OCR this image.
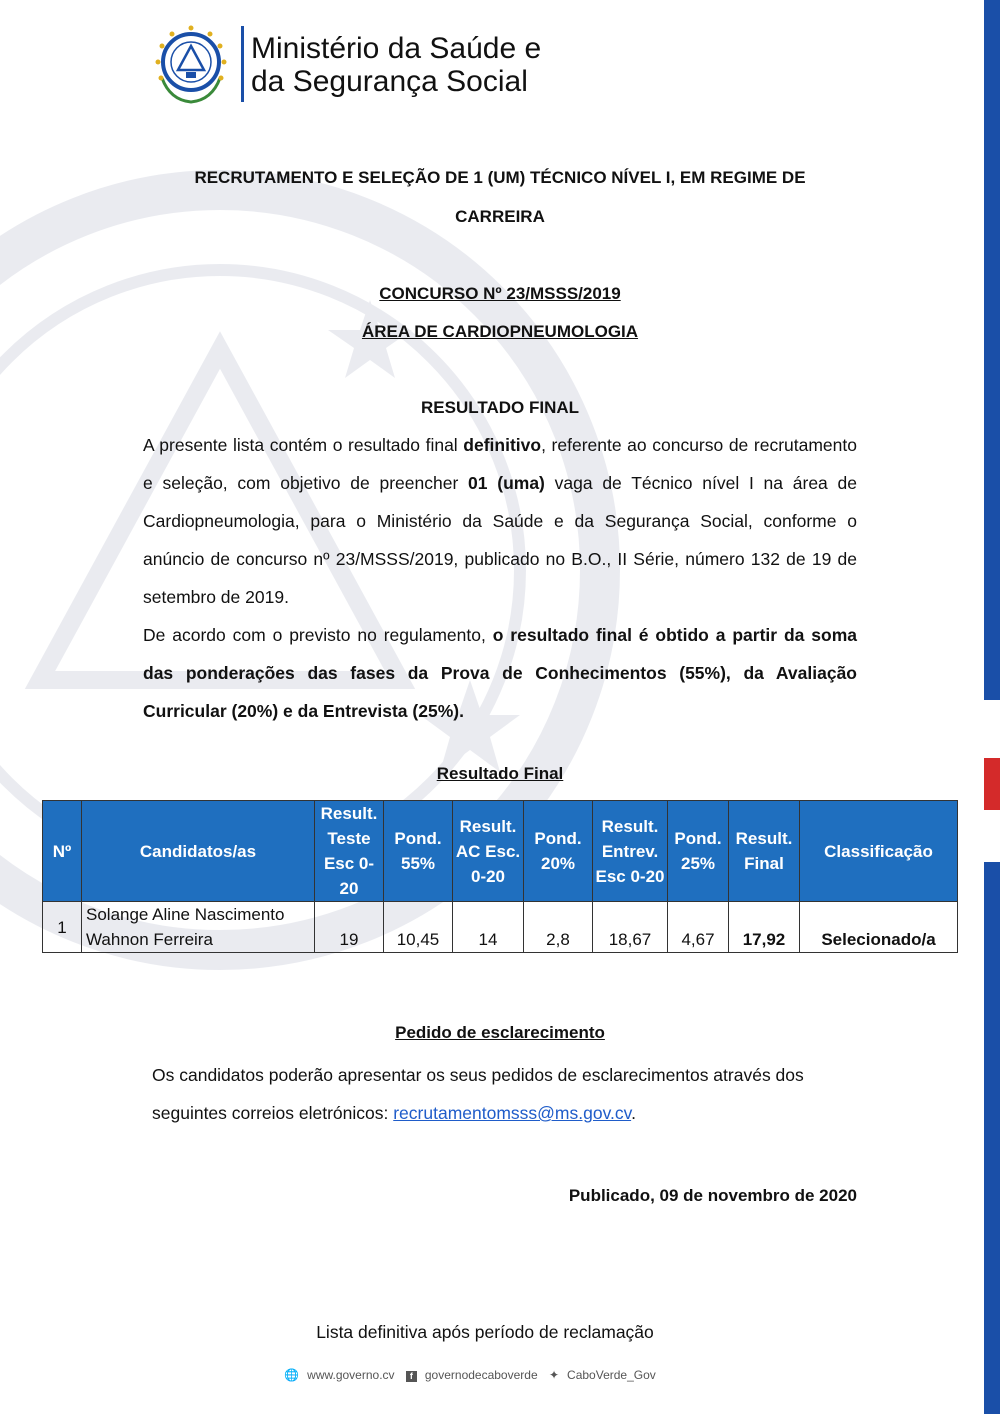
Ministério da Saúde e da Segurança Social
RECRUTAMENTO E SELEÇÃO DE 1 (UM) TÉCNICO NÍVEL I, EM REGIME DE
CARREIRA
CONCURSO Nº 23/MSSS/2019
ÁREA DE CARDIOPNEUMOLOGIA
RESULTADO FINAL
A presente lista contém o resultado final definitivo, referente ao concurso de recrutamento e seleção, com objetivo de preencher 01 (uma) vaga de Técnico nível I na área de Cardiopneumologia, para o Ministério da Saúde e da Segurança Social, conforme o anúncio de concurso nº 23/MSSS/2019, publicado no B.O., II Série, número 132 de 19 de setembro de 2019.
De acordo com o previsto no regulamento, o resultado final é obtido a partir da soma das ponderações das fases da Prova de Conhecimentos (55%), da Avaliação Curricular (20%) e da Entrevista (25%).
Resultado Final
Nº	Candidatos/as	Result. Teste Esc 0-20	Pond. 55%	Result. AC Esc. 0-20	Pond. 20%	Result. Entrev. Esc 0-20	Pond. 25%	Result. Final	Classificação
1	Solange Aline Nascimento Wahnon Ferreira	19	10,45	14	2,8	18,67	4,67	17,92	Selecionado/a
Pedido de esclarecimento
Os candidatos poderão apresentar os seus pedidos de esclarecimentos através dos seguintes correios eletrónicos: recrutamentomsss@ms.gov.cv.
Publicado, 09 de novembro de 2020
Lista definitiva após período de reclamação
🌐 www.governo.cv f governodecaboverde ✦ CaboVerde_Gov
